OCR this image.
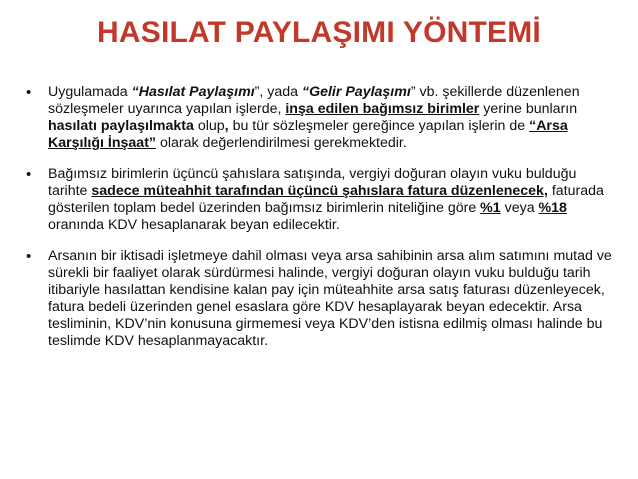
HASILAT PAYLAŞIMI YÖNTEMİ
•	Uygulamada “Hasılat Paylaşımı”, yada “Gelir Paylaşımı” vb. şekillerde düzenlenen sözleşmeler uyarınca yapılan işlerde, inşa edilen bağımsız birimler yerine bunların hasılatı paylaşılmakta olup, bu tür sözleşmeler gereğince yapılan işlerin de “Arsa Karşılığı İnşaat” olarak değerlendirilmesi gerekmektedir.
•	Bağımsız birimlerin üçüncü şahıslara satışında, vergiyi doğuran olayın vuku bulduğu tarihte sadece müteahhit tarafından üçüncü şahıslara fatura düzenlenecek, faturada gösterilen toplam bedel üzerinden bağımsız birimlerin niteliğine göre %1 veya %18 oranında KDV hesaplanarak beyan edilecektir.
•	Arsanın bir iktisadi işletmeye dahil olması veya arsa sahibinin arsa alım satımını mutad ve sürekli bir faaliyet olarak sürdürmesi halinde, vergiyi doğuran olayın vuku bulduğu tarih itibariyle hasılattan kendisine kalan pay için müteahhite arsa satış faturası düzenleyecek, fatura bedeli üzerinden genel esaslara göre KDV hesaplayarak beyan edecektir. Arsa tesliminin, KDV’nin konusuna girmemesi veya KDV’den istisna edilmiş olması halinde bu teslimde KDV hesaplanmayacaktır.
